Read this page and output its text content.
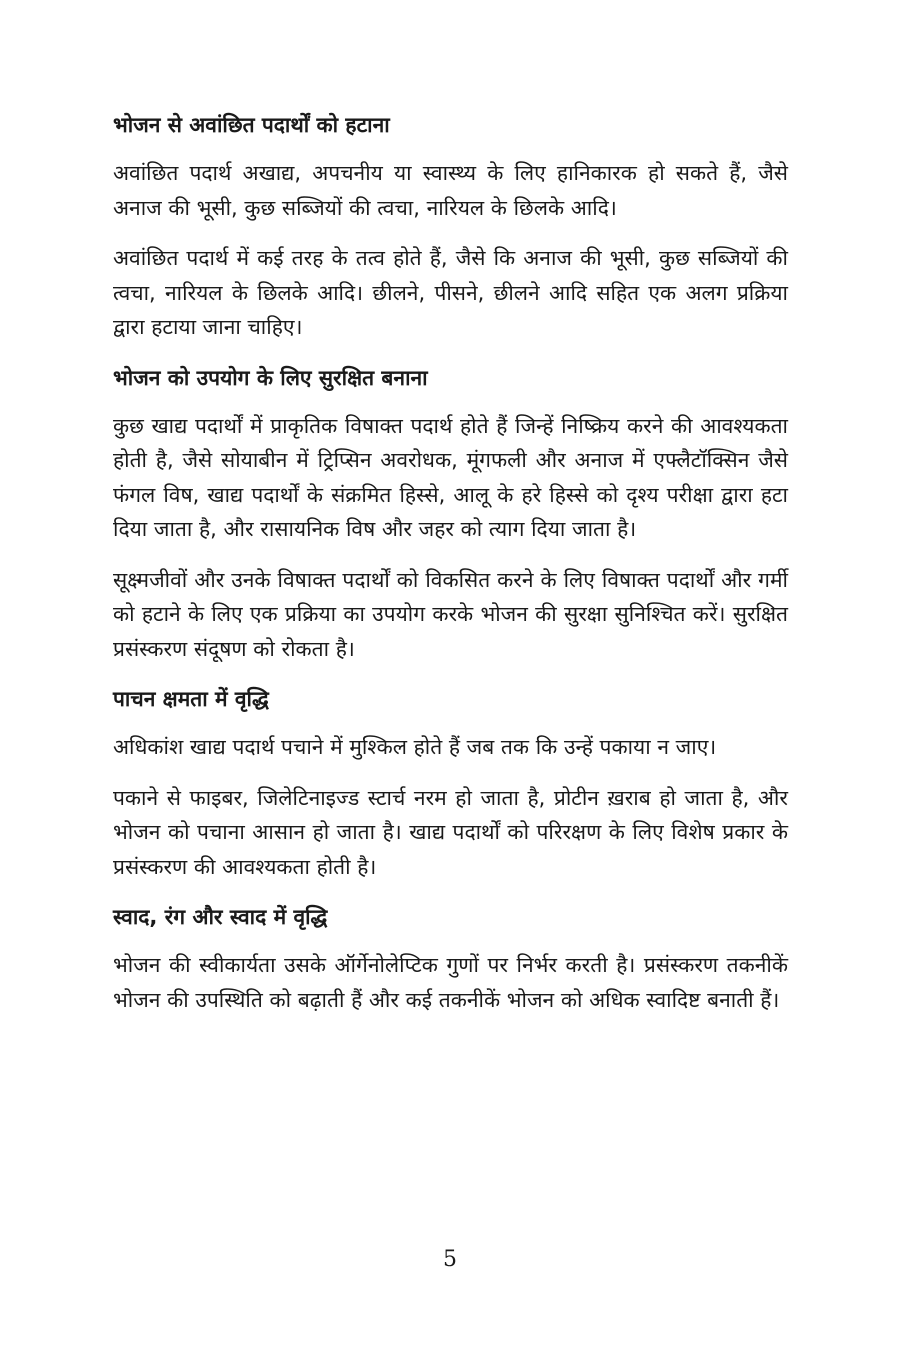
भोजन से अवांछित पदार्थों को हटाना

अवांछित पदार्थ अखाद्य, अपचनीय या स्वास्थ्य के लिए हानिकारक हो सकते हैं, जैसे अनाज की भूसी, कुछ सब्जियों की त्वचा, नारियल के छिलके आदि।

अवांछित पदार्थ में कई तरह के तत्व होते हैं, जैसे कि अनाज की भूसी, कुछ सब्जियों की त्वचा, नारियल के छिलके आदि। छीलने, पीसने, छीलने आदि सहित एक अलग प्रक्रिया द्वारा हटाया जाना चाहिए।

भोजन को उपयोग के लिए सुरक्षित बनाना

कुछ खाद्य पदार्थों में प्राकृतिक विषाक्त पदार्थ होते हैं जिन्हें निष्क्रिय करने की आवश्यकता होती है, जैसे सोयाबीन में ट्रिप्सिन अवरोधक, मूंगफली और अनाज में एफ्लैटॉक्सिन जैसे फंगल विष, खाद्य पदार्थों के संक्रमित हिस्से, आलू के हरे हिस्से को दृश्य परीक्षा द्वारा हटा दिया जाता है, और रासायनिक विष और जहर को त्याग दिया जाता है।

सूक्ष्मजीवों और उनके विषाक्त पदार्थों को विकसित करने के लिए विषाक्त पदार्थों और गर्मी को हटाने के लिए एक प्रक्रिया का उपयोग करके भोजन की सुरक्षा सुनिश्चित करें। सुरक्षित प्रसंस्करण संदूषण को रोकता है।

पाचन क्षमता में वृद्धि

अधिकांश खाद्य पदार्थ पचाने में मुश्किल होते हैं जब तक कि उन्हें पकाया न जाए।

पकाने से फाइबर, जिलेटिनाइज्ड स्टार्च नरम हो जाता है, प्रोटीन ख़राब हो जाता है, और भोजन को पचाना आसान हो जाता है। खाद्य पदार्थों को परिरक्षण के लिए विशेष प्रकार के प्रसंस्करण की आवश्यकता होती है।

स्वाद, रंग और स्वाद में वृद्धि

भोजन की स्वीकार्यता उसके ऑर्गेनोलेप्टिक गुणों पर निर्भर करती है। प्रसंस्करण तकनीकें भोजन की उपस्थिति को बढ़ाती हैं और कई तकनीकें भोजन को अधिक स्वादिष्ट बनाती हैं।

5
